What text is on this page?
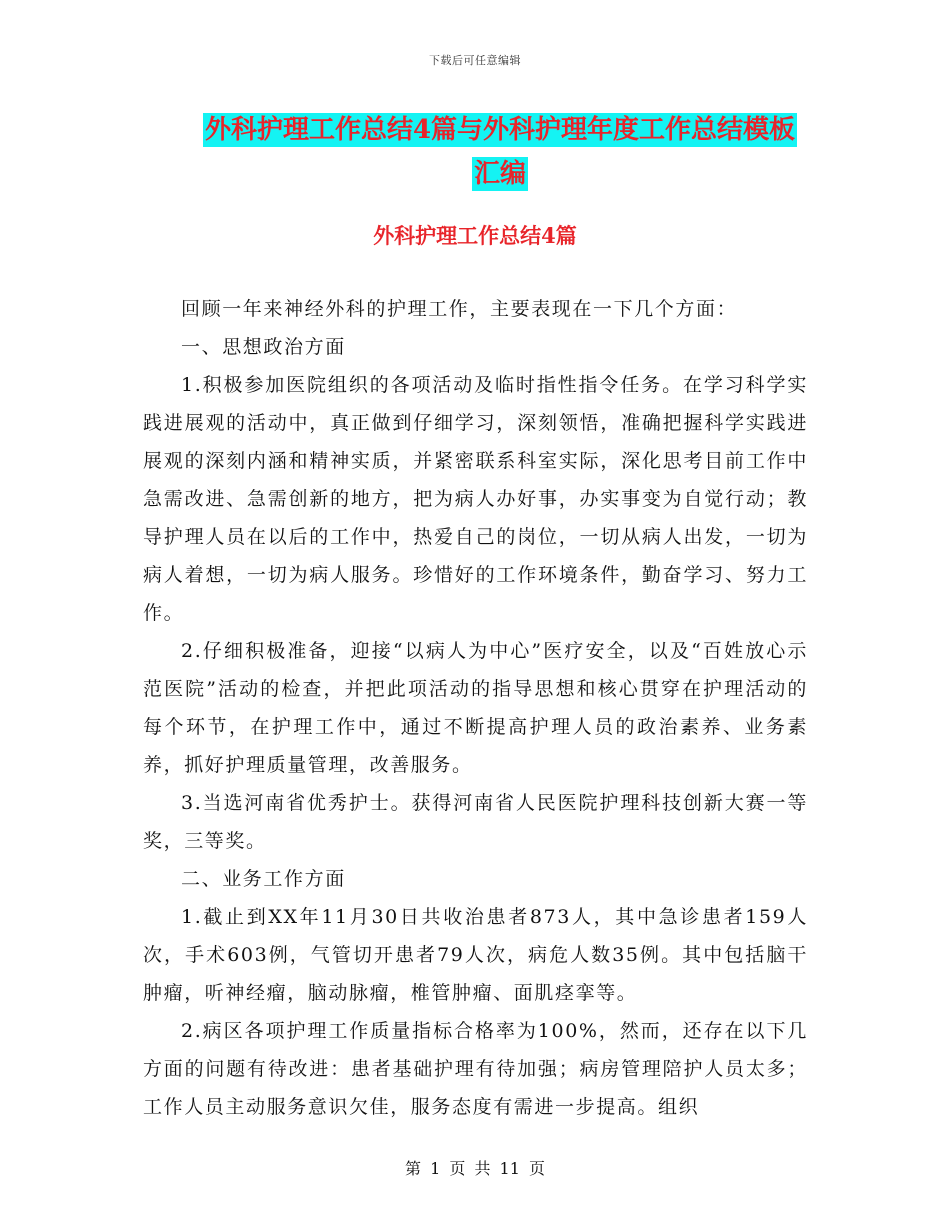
下载后可任意编辑
外科护理工作总结4篇与外科护理年度工作总结模板
汇编
外科护理工作总结4篇

回顾一年来神经外科的护理工作，主要表现在一下几个方面：

一、思想政治方面

1.积极参加医院组织的各项活动及临时指性指令任务。在学习科学实践进展观的活动中，真正做到仔细学习，深刻领悟，准确把握科学实践进展观的深刻内涵和精神实质，并紧密联系科室实际，深化思考目前工作中急需改进、急需创新的地方，把为病人办好事，办实事变为自觉行动；教导护理人员在以后的工作中，热爱自己的岗位，一切从病人出发，一切为病人着想，一切为病人服务。珍惜好的工作环境条件，勤奋学习、努力工作。

2.仔细积极准备，迎接“以病人为中心”医疗安全，以及“百姓放心示范医院”活动的检查，并把此项活动的指导思想和核心贯穿在护理活动的每个环节，在护理工作中，通过不断提高护理人员的政治素养、业务素养，抓好护理质量管理，改善服务。

3.当选河南省优秀护士。获得河南省人民医院护理科技创新大赛一等奖，三等奖。

二、业务工作方面

1.截止到XX年11月30日共收治患者873人，其中急诊患者159人次，手术603例，气管切开患者79人次，病危人数35例。其中包括脑干肿瘤，听神经瘤，脑动脉瘤，椎管肿瘤、面肌痉挛等。

2.病区各项护理工作质量指标合格率为100%，然而，还存在以下几方面的问题有待改进：患者基础护理有待加强；病房管理陪护人员太多；工作人员主动服务意识欠佳，服务态度有需进一步提高。组织

第 1 页 共 11 页
